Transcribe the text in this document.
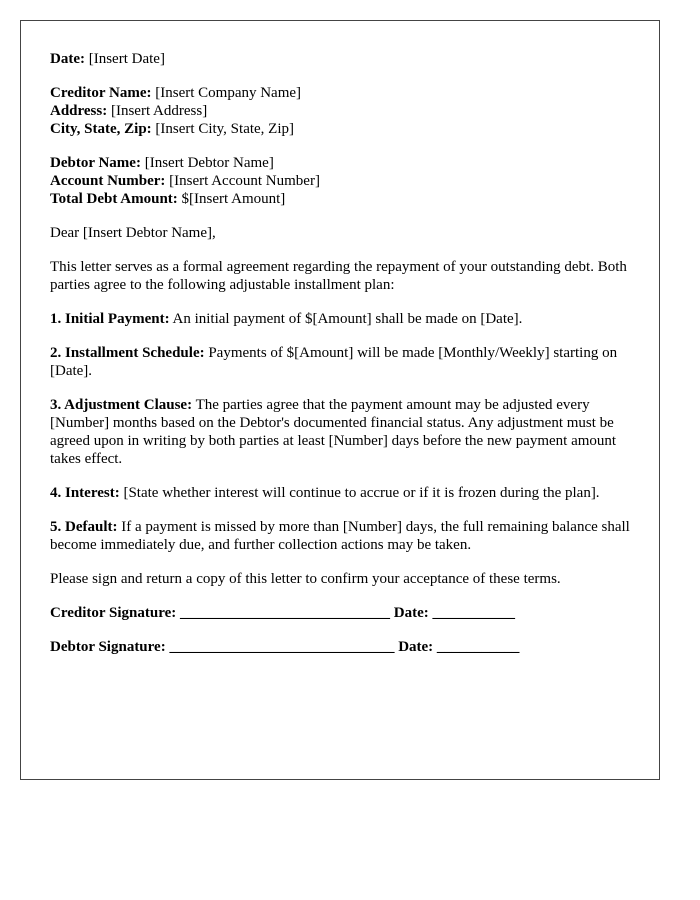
Date: [Insert Date]

Creditor Name: [Insert Company Name]
Address: [Insert Address]
City, State, Zip: [Insert City, State, Zip]
Debtor Name: [Insert Debtor Name]
Account Number: [Insert Account Number]
Total Debt Amount: $[Insert Amount]

Dear [Insert Debtor Name],

This letter serves as a formal agreement regarding the repayment of your outstanding debt. Both parties agree to the following adjustable installment plan:

1. Initial Payment: An initial payment of $[Amount] shall be made on [Date].

2. Installment Schedule: Payments of $[Amount] will be made [Monthly/Weekly] starting on [Date].

3. Adjustment Clause: The parties agree that the payment amount may be adjusted every [Number] months based on the Debtor's documented financial status. Any adjustment must be agreed upon in writing by both parties at least [Number] days before the new payment amount takes effect.

4. Interest: [State whether interest will continue to accrue or if it is frozen during the plan].

5. Default: If a payment is missed by more than [Number] days, the full remaining balance shall become immediately due, and further collection actions may be taken.

Please sign and return a copy of this letter to confirm your acceptance of these terms.

Creditor Signature: ____________________________ Date: ___________

Debtor Signature: ______________________________ Date: ___________
